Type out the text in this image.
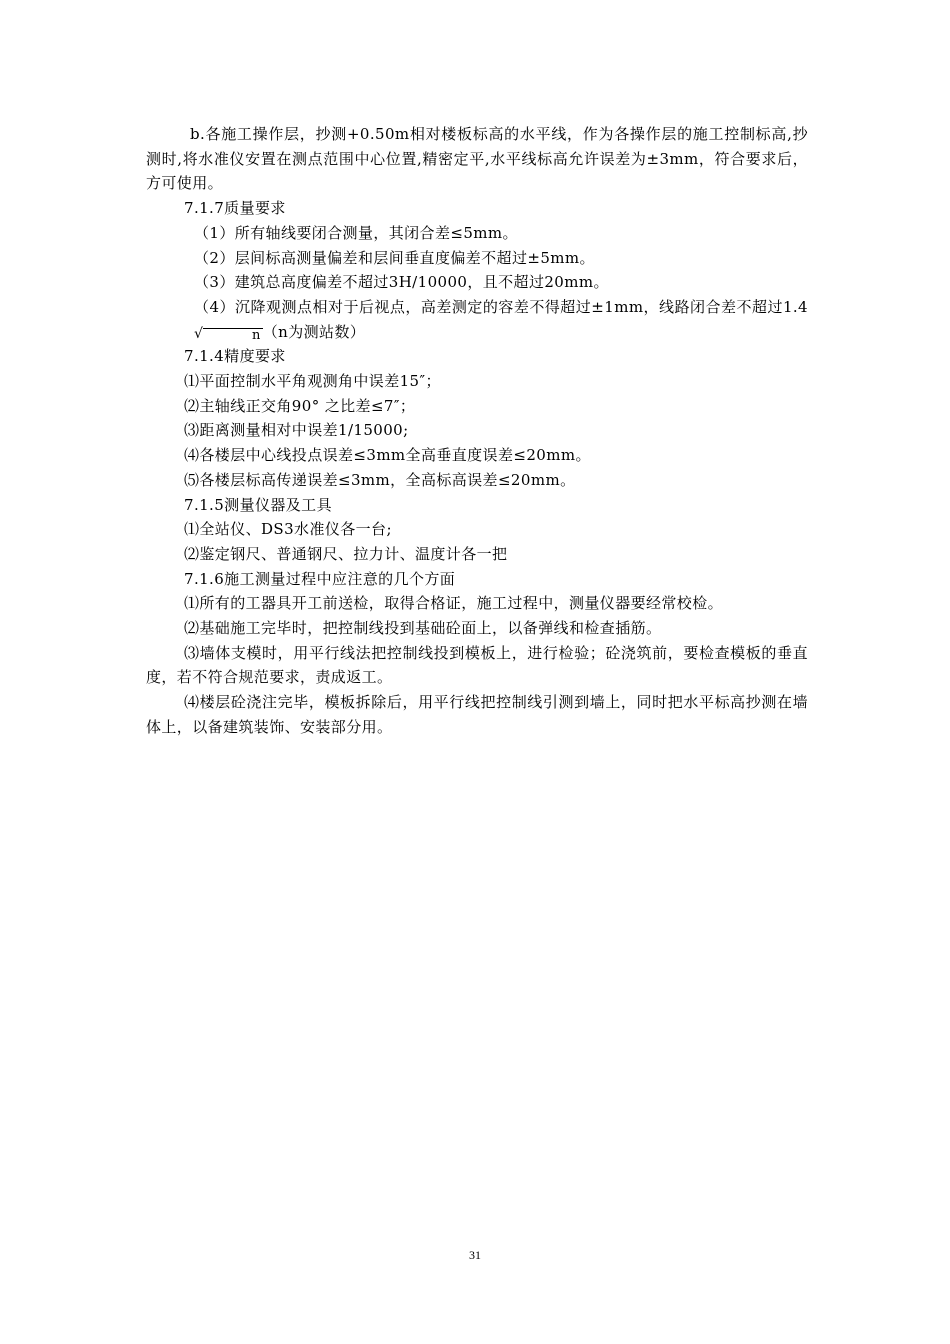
b.各施工操作层，抄测+0.50m相对楼板标高的水平线，作为各操作层的施工控制标高,抄测时,将水准仪安置在测点范围中心位置,精密定平,水平线标高允许误差为±3mm，符合要求后，方可使用。

7.1.7质量要求

（1）所有轴线要闭合测量，其闭合差≤5mm。

（2）层间标高测量偏差和层间垂直度偏差不超过±5mm。

（3）建筑总高度偏差不超过3H/10000，且不超过20mm。

（4）沉降观测点相对于后视点，高差测定的容差不得超过±1mm，线路闭合差不超过1.4
√	n （n为测站数）

7.1.4精度要求

⑴平面控制水平角观测角中误差15″；

⑵主轴线正交角90° 之比差≤7″；

⑶距离测量相对中误差1/15000;

⑷各楼层中心线投点误差≤3mm全高垂直度误差≤20mm。

⑸各楼层标高传递误差≤3mm，全高标高误差≤20mm。

7.1.5测量仪器及工具

⑴全站仪、DS3水准仪各一台;

⑵鉴定钢尺、普通钢尺、拉力计、温度计各一把

7.1.6施工测量过程中应注意的几个方面

⑴所有的工器具开工前送检，取得合格证，施工过程中，测量仪器要经常校检。

⑵基础施工完毕时，把控制线投到基础砼面上，以备弹线和检查插筋。

⑶墙体支模时，用平行线法把控制线投到模板上，进行检验；砼浇筑前，要检查模板的垂直度，若不符合规范要求，责成返工。

⑷楼层砼浇注完毕，模板拆除后，用平行线把控制线引测到墙上，同时把水平标高抄测在墙体上，以备建筑装饰、安装部分用。

31
